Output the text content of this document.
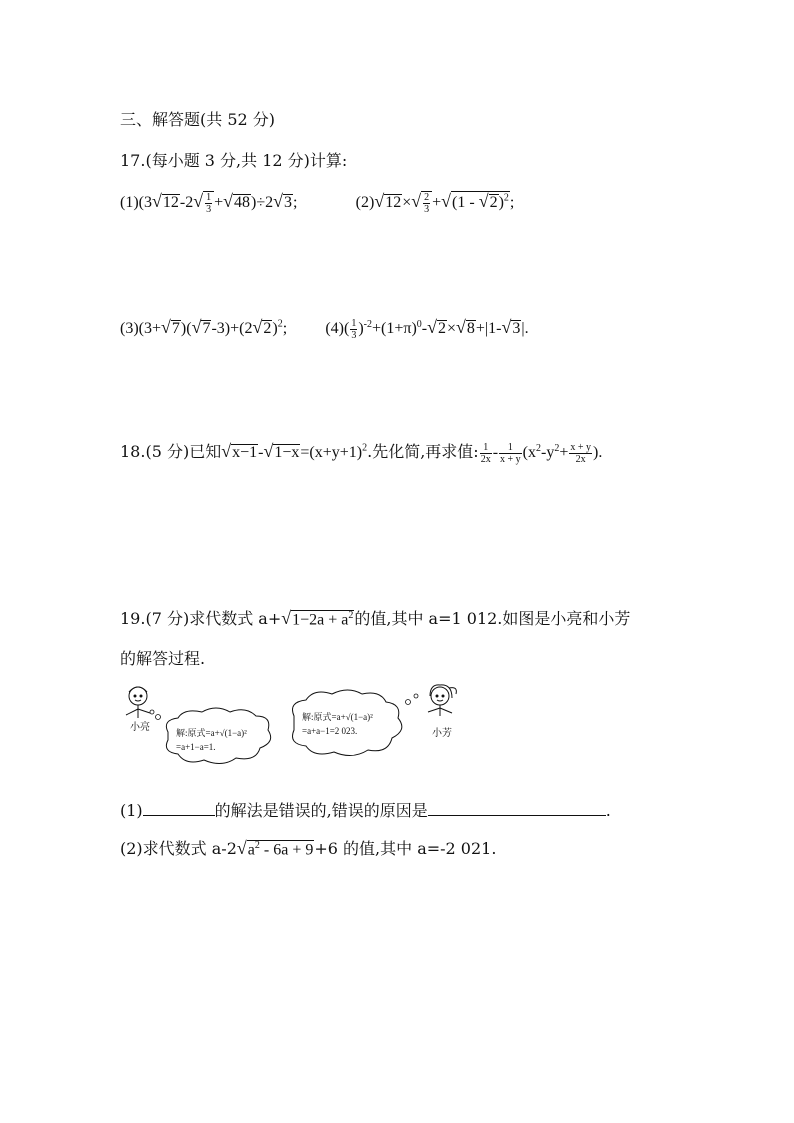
三、解答题(共 52 分)
17.(每小题 3 分,共 12 分)计算:
$(1)(3√12-2√ \frac{1}{3} +√48)\div 2√3$;	$(2)√12\times√ \frac{2}{3} +√(1 - √2)^2$;
$(3)(3+√7)(√7-3)+(2√2)^2$;  $(4)( \frac{1}{3} )^{-2}+(1+\pi)^0-√2\times√8+|1-√3|$.
18.(5 分)已知$√x-1-√1-x=(x+y+1)^2$.先化简,再求值: $\frac{1}{2x} - \frac{1}{x + y} (x^2-y^2+ \frac{x + y}{2x}$ ).
19.(7 分)求代数式 $a+√1-2a + a^2$的值,其中 a=1 012.如图是小亮和小芳
的解答过程.
小亮	解:原式=a+√(1−a)²
=a+1−a=1.
解:原式=a+√(1−a)²
=a+a−1=2 023.	小芳
(1)	的解法是错误的,错误的原因是	.
(2)求代数式 $a-2√a^2 - 6a + 9+6$ 的值,其中 a=-2 021.
